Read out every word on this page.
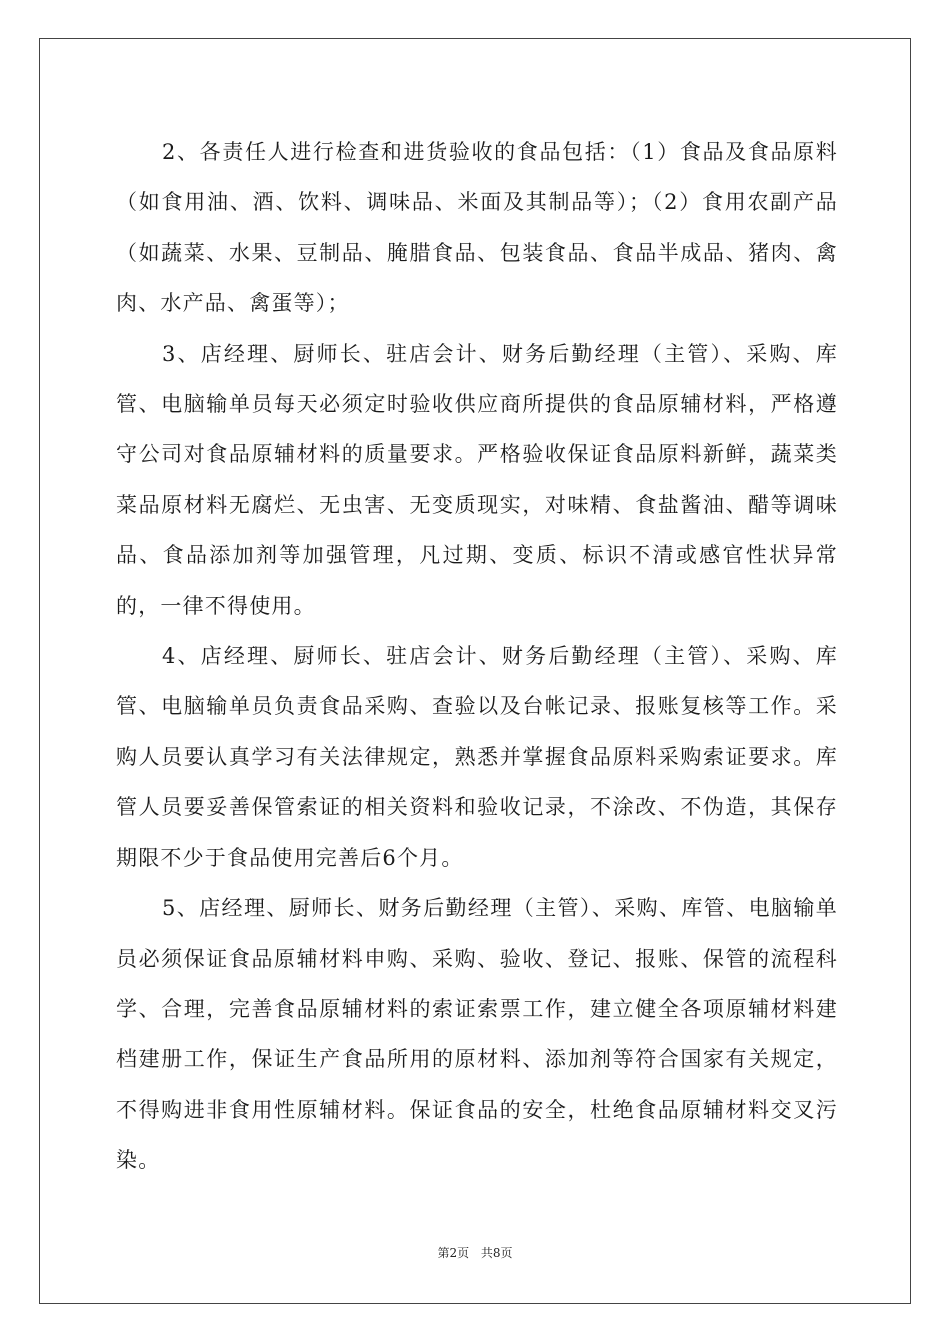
2、各责任人进行检查和进货验收的食品包括：（1）食品及食品原料（如食用油、酒、饮料、调味品、米面及其制品等）；（2）食用农副产品（如蔬菜、水果、豆制品、腌腊食品、包装食品、食品半成品、猪肉、禽肉、水产品、禽蛋等）；

3、店经理、厨师长、驻店会计、财务后勤经理（主管）、采购、库管、电脑输单员每天必须定时验收供应商所提供的食品原辅材料，严格遵守公司对食品原辅材料的质量要求。严格验收保证食品原料新鲜，蔬菜类菜品原材料无腐烂、无虫害、无变质现实，对味精、食盐酱油、醋等调味品、食品添加剂等加强管理，凡过期、变质、标识不清或感官性状异常的，一律不得使用。

4、店经理、厨师长、驻店会计、财务后勤经理（主管）、采购、库管、电脑输单员负责食品采购、查验以及台帐记录、报账复核等工作。采购人员要认真学习有关法律规定，熟悉并掌握食品原料采购索证要求。库管人员要妥善保管索证的相关资料和验收记录，不涂改、不伪造，其保存期限不少于食品使用完善后6个月。

5、店经理、厨师长、财务后勤经理（主管）、采购、库管、电脑输单员必须保证食品原辅材料申购、采购、验收、登记、报账、保管的流程科学、合理，完善食品原辅材料的索证索票工作，建立健全各项原辅材料建档建册工作，保证生产食品所用的原材料、添加剂等符合国家有关规定，不得购进非食用性原辅材料。保证食品的安全，杜绝食品原辅材料交叉污染。

第2页 共8页
